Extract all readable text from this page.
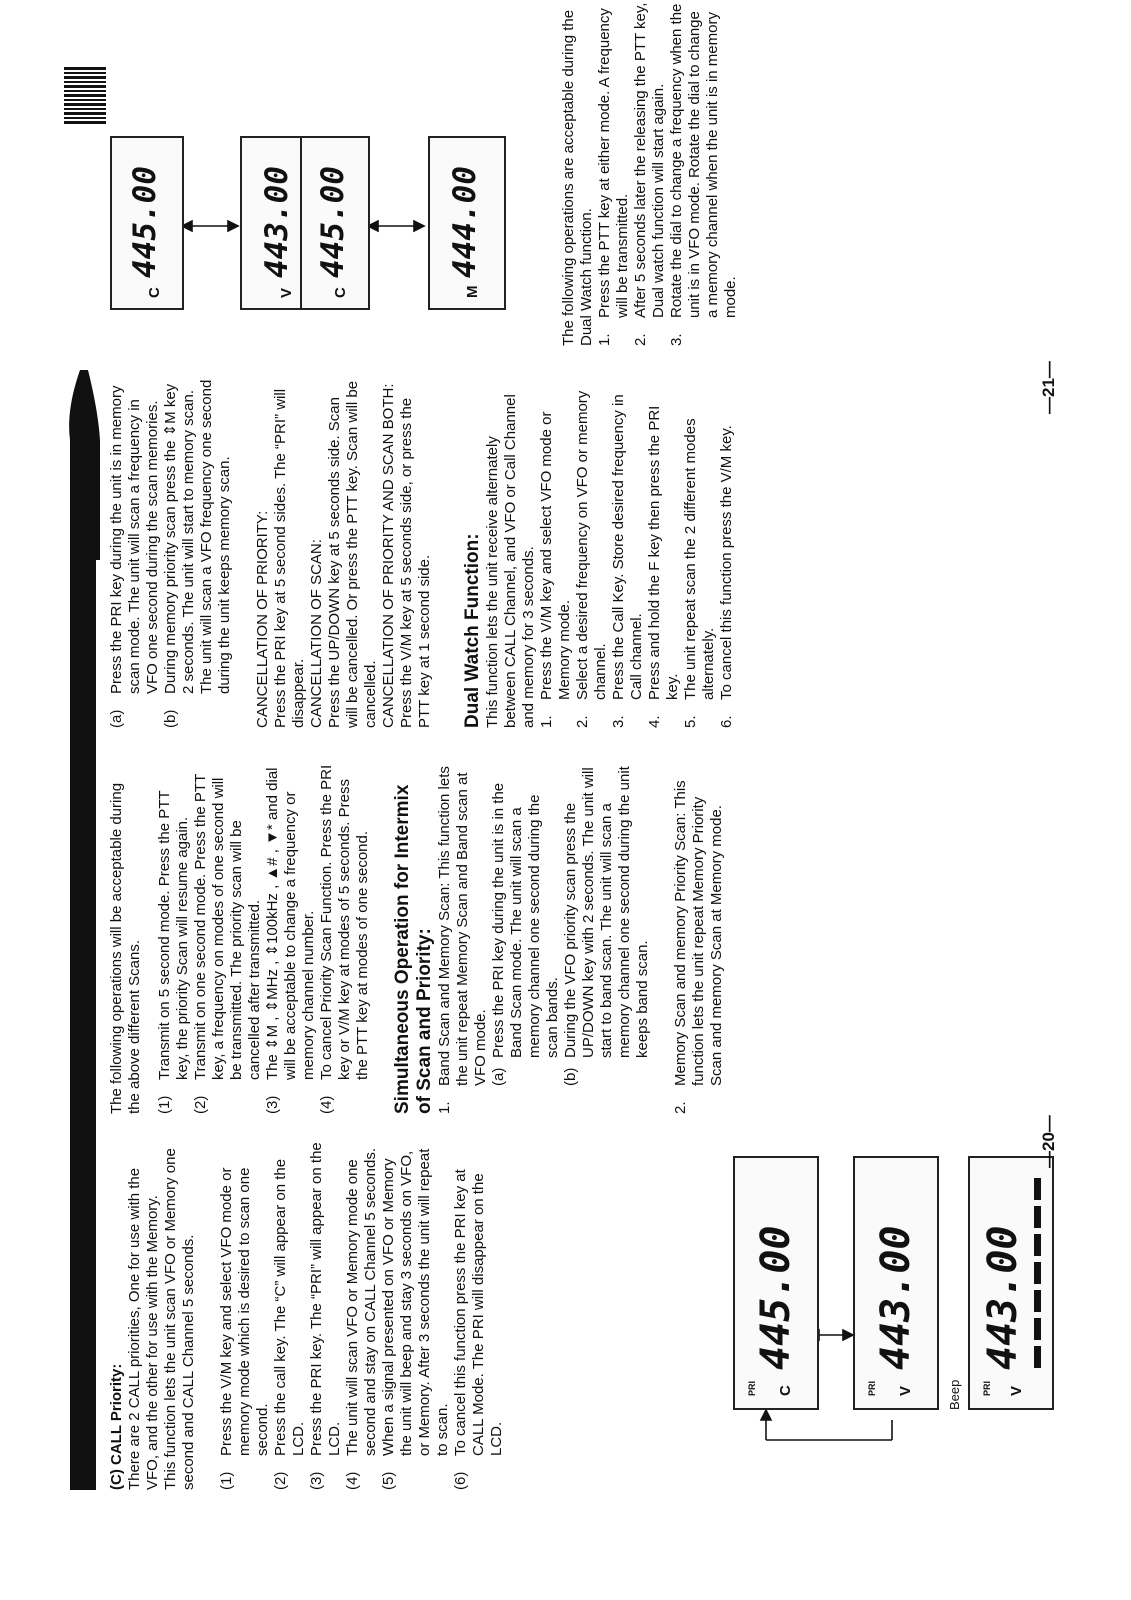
(C) CALL Priority: There are 2 CALL priorities, One for use with the VFO, and the other for use with the Memory. This function lets the unit scan VFO or Memory one second and CALL Channel 5 seconds. (1)
Press the V/M key and select VFO mode or memory mode which is desired to scan one second.
(2)
Press the call key. The “C” will appear on the LCD.
(3)
Press the PRI key. The “PRI” will appear on the LCD.
(4)
The unit will scan VFO or Memory mode one second and stay on CALL Channel 5 seconds.
(5)
When a signal presented on VFO or Memory the unit will beep and stay 3 seconds on VFO, or Memory. After 3 seconds the unit will repeat to scan.
(6)
To cancel this function press the PRI key at CALL Mode. The PRI will disappear on the LCD.
PRI C
445.00
PRI V
443.00
Beep	PRI V
443.00

The following operations will be acceptable during the above different Scans. (1)
Transmit on 5 second mode. Press the PTT key, the priority Scan will resume again.
(2)
Transmit on one second mode. Press the PTT key, a frequency on modes of one second will be transmitted. The priority scan will be cancelled after transmitted.
(3)
The ⇕M , ⇕MHz , ⇕100kHz , ▲# , ▼* and dial will be acceptable to change a frequency or memory channel number.
(4)
To cancel Priority Scan Function. Press the PRI key or V/M key at modes of 5 seconds. Press the PTT key at modes of one second. Simultaneous Operation for Intermix of Scan and Priority: 1.
Band Scan and Memory Scan: This function lets the unit repeat Memory Scan and Band scan at VFO mode. (a)
Press the PRI key during the unit is in the Band Scan mode. The unit will scan a memory channel one second during the scan bands.
(b)
During the VFO priority scan press the UP/DOWN key with 2 seconds. The unit will start to band scan. The unit will scan a memory channel one second during the unit keeps band scan.
2.
Memory Scan and memory Priority Scan: This function lets the unit repeat Memory Priority Scan and memory Scan at Memory mode.
—20—
(a)
Press the PRI key during the unit is in memory scan mode. The unit will scan a frequency in VFO one second during the scan memories.
(b)
During memory priority scan press the ⇕M key 2 seconds. The unit will start to memory scan. The unit will scan a VFO frequency one second during the unit keeps memory scan. CANCELLATION OF PRIORITY: Press the PRI key at 5 second sides. The “PRI” will disappear. CANCELLATION OF SCAN: Press the UP/DOWN key at 5 seconds side. Scan will be cancelled. Or press the PTT key. Scan will be cancelled. CANCELLATION OF PRIORITY AND SCAN BOTH: Press the V/M key at 5 seconds side, or press the PTT key at 1 second side. Dual Watch Function: This function lets the unit receive alternately between CALL Channel, and VFO or Call Channel and memory for 3 seconds. 1.
Press the V/M key and select VFO mode or Memory mode.
2.
Select a desired frequency on VFO or memory channel.
3.
Press the Call Key. Store desired frequency in Call channel.
4.
Press and hold the F key then press the PRI key.
5.
The unit repeat scan the 2 different modes alternately.
6.
To cancel this function press the V/M key.
—21—
C
445.00
V
443.00
C
445.00
M
444.00	The following operations are acceptable during the Dual Watch function. 1.
Press the PTT key at either mode. A frequency will be transmitted.
2.
After 5 seconds later the releasing the PTT key, Dual watch function will start again.
3.
Rotate the dial to change a frequency when the unit is in VFO mode. Rotate the dial to change a memory channel when the unit is in memory mode.
